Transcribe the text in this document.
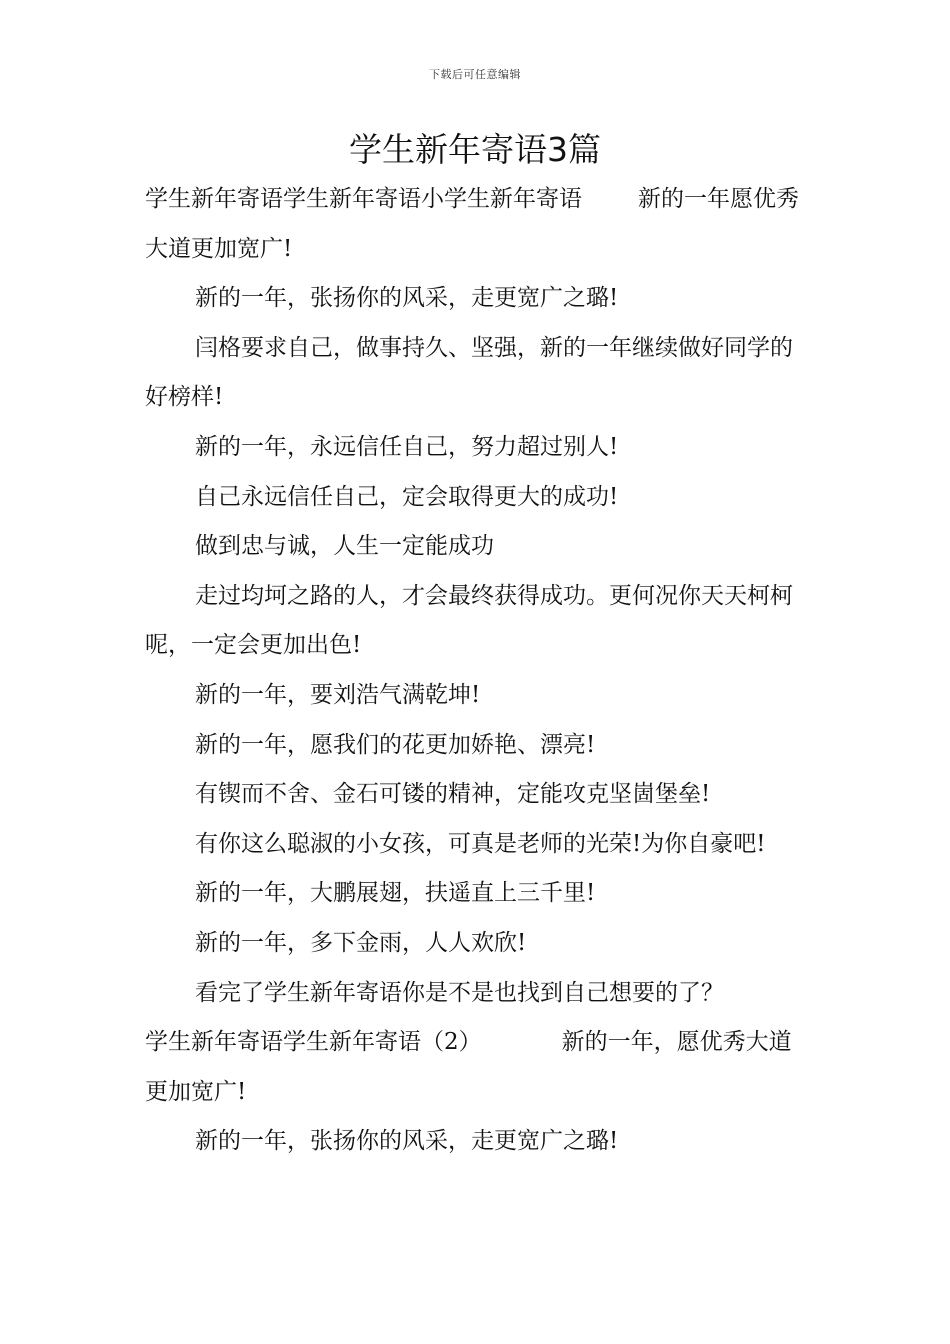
下载后可任意编辑
学生新年寄语3篇

学生新年寄语学生新年寄语小学生新年寄语 新的一年愿优秀大道更加宽广!

新的一年，张扬你的风采，走更宽广之璐!

闫格要求自己，做事持久、坚强，新的一年继续做好同学的好榜样!

新的一年，永远信任自己，努力超过别人!

自己永远信任自己，定会取得更大的成功!

做到忠与诚，人生一定能成功

走过均坷之路的人，才会最终获得成功。更何况你天天柯柯呢，一定会更加出色!

新的一年，要刘浩气满乾坤!

新的一年，愿我们的花更加娇艳、漂亮!

有锲而不舍、金石可镂的精神，定能攻克坚崮堡垒!

有你这么聪淑的小女孩，可真是老师的光荣!为你自豪吧!

新的一年，大鹏展翅，扶遥直上三千里!

新的一年，多下金雨，人人欢欣!

看完了学生新年寄语你是不是也找到自己想要的了？

学生新年寄语学生新年寄语（2）	新的一年，愿优秀大道更加宽广!

新的一年，张扬你的风采，走更宽广之璐!
